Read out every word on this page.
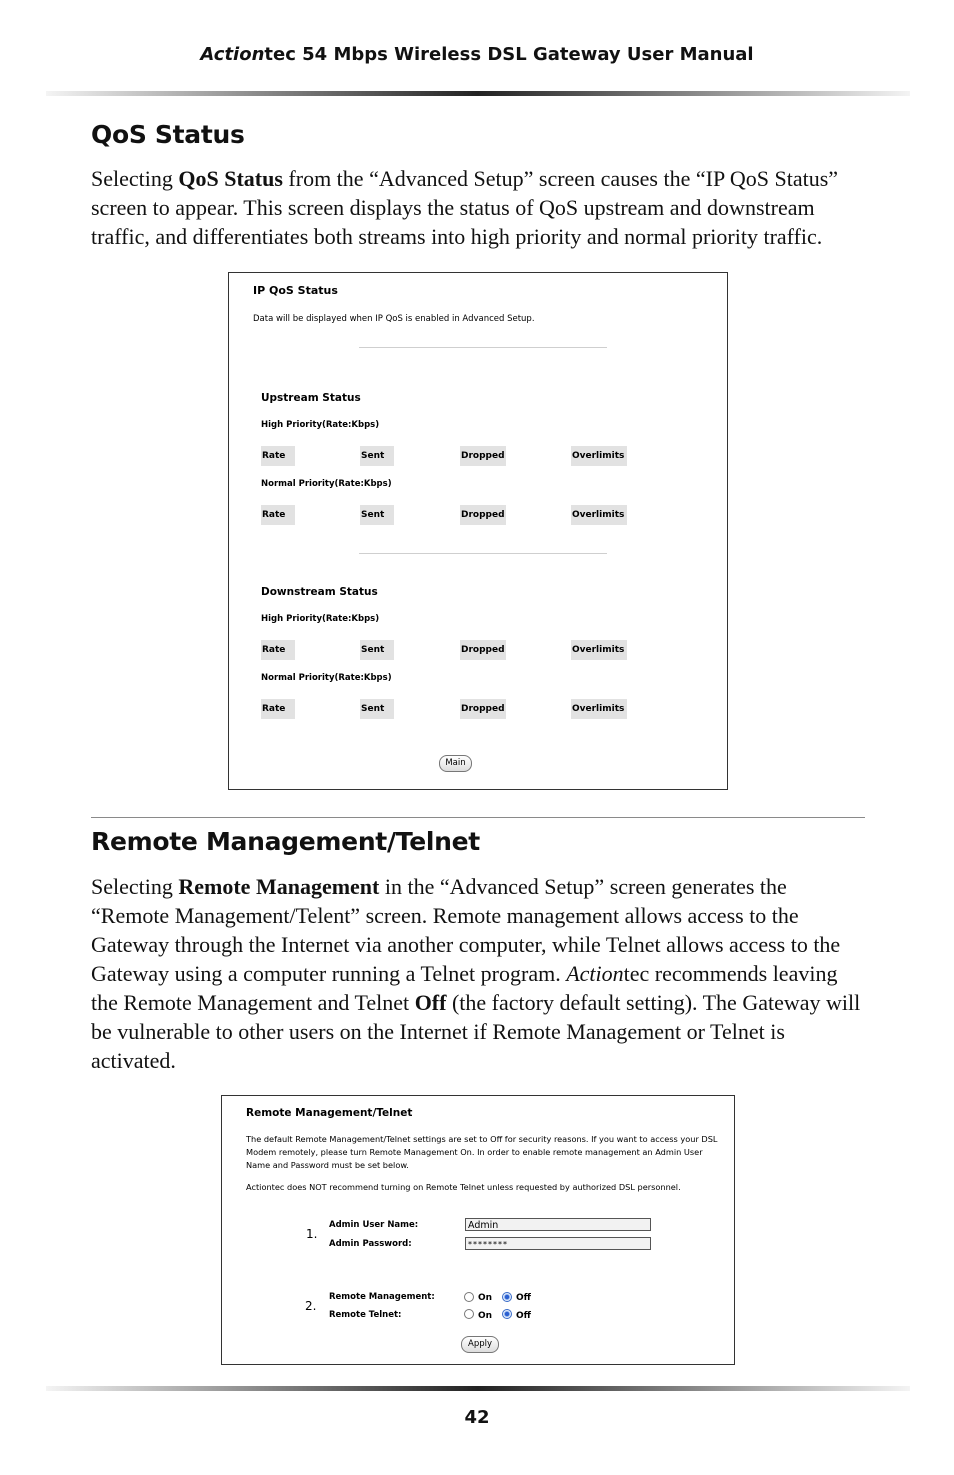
Actiontec 54 Mbps Wireless DSL Gateway User Manual
QoS Status
Selecting QoS Status from the “Advanced Setup” screen causes the “IP QoS Status” screen to appear. This screen displays the status of QoS upstream and downstream traffic, and differentiates both streams into high priority and normal priority traffic.
IP QoS Status
Data will be displayed when IP QoS is enabled in Advanced Setup.
Upstream Status
High Priority(Rate:Kbps)
Rate	Sent	Dropped	Overlimits
Normal Priority(Rate:Kbps)
Rate	Sent	Dropped	Overlimits
Downstream Status
High Priority(Rate:Kbps)
Rate	Sent	Dropped	Overlimits
Normal Priority(Rate:Kbps)
Rate	Sent	Dropped	Overlimits
Main
Remote Management/Telnet
Selecting Remote Management in the “Advanced Setup” screen generates the “Remote Management/Telent” screen. Remote management allows access to the Gateway through the Internet via another computer, while Telnet allows access to the Gateway using a computer running a Telnet program. Actiontec recommends leaving the Remote Management and Telnet Off (the factory default setting). The Gateway will be vulnerable to other users on the Internet if Remote Management or Telnet is activated.
Remote Management/Telnet
The default Remote Management/Telnet settings are set to Off for security reasons. If you want to access your DSL Modem remotely, please turn Remote Management On. In order to enable remote management an Admin User Name and Password must be set below.
Actiontec does NOT recommend turning on Remote Telnet unless requested by authorized DSL personnel.
1.
Admin User Name:	Admin
Admin Password:	********
2.
Remote Management:	On	Off
Remote Telnet:	On	Off
Apply
42
